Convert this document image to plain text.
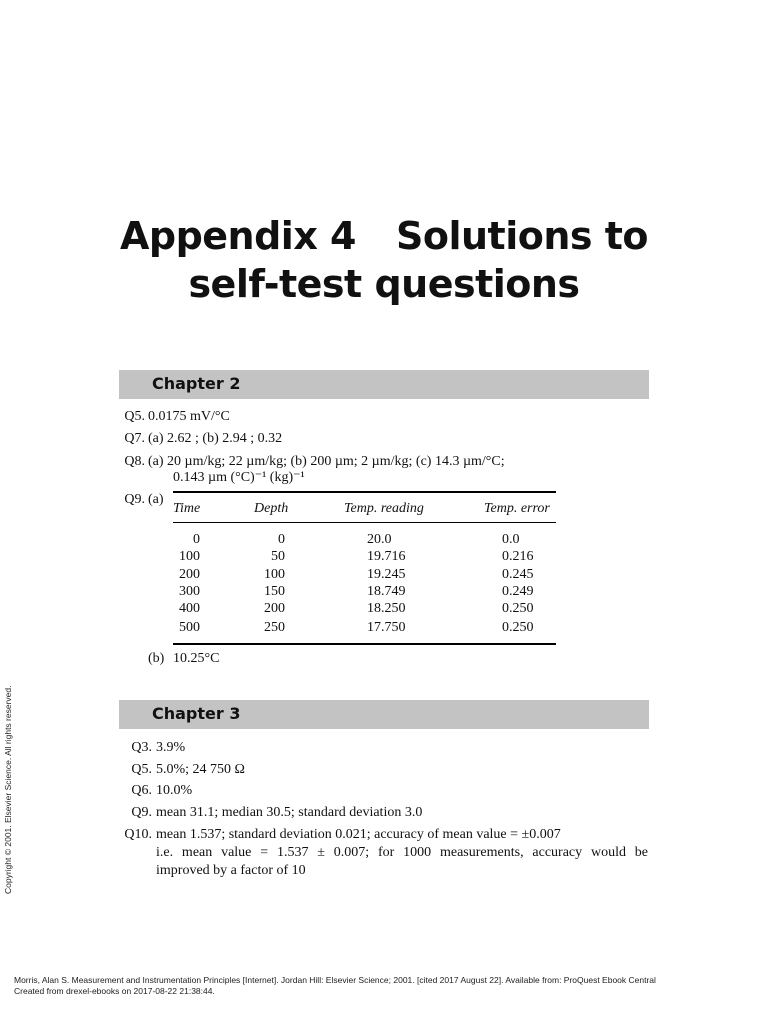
Appendix 4 Solutions to
self-test questions
Chapter 2
Q5. 0.0175 mV/°C
Q7. (a) 2.62 ; (b) 2.94 ; 0.32
Q8. (a) 20 µm/kg; 22 µm/kg; (b) 200 µm; 2 µm/kg; (c) 14.3 µm/°C;
0.143 µm (°C)⁻¹ (kg)⁻¹
Q9. (a)
Time	Depth	Temp. reading	Temp. error
0	0	20.0	0.0
100	50	19.716	0.216
200	100	19.245	0.245
300	150	18.749	0.249
400	200	18.250	0.250
500	250	17.750	0.250
(b) 10.25°C
Chapter 3
Q3. 3.9%
Q5. 5.0%; 24 750 Ω
Q6. 10.0%
Q9. mean 31.1; median 30.5; standard deviation 3.0
Q10. mean 1.537; standard deviation 0.021; accuracy of mean value = ±0.007
i.e. mean value = 1.537 ± 0.007; for 1000 measurements, accuracy would be
improved by a factor of 10
Copyright © 2001. Elsevier Science. All rights reserved.
Morris, Alan S. Measurement and Instrumentation Principles [Internet]. Jordan Hill: Elsevier Science; 2001. [cited 2017 August 22]. Available from: ProQuest Ebook Central
Created from drexel-ebooks on 2017-08-22 21:38:44.
